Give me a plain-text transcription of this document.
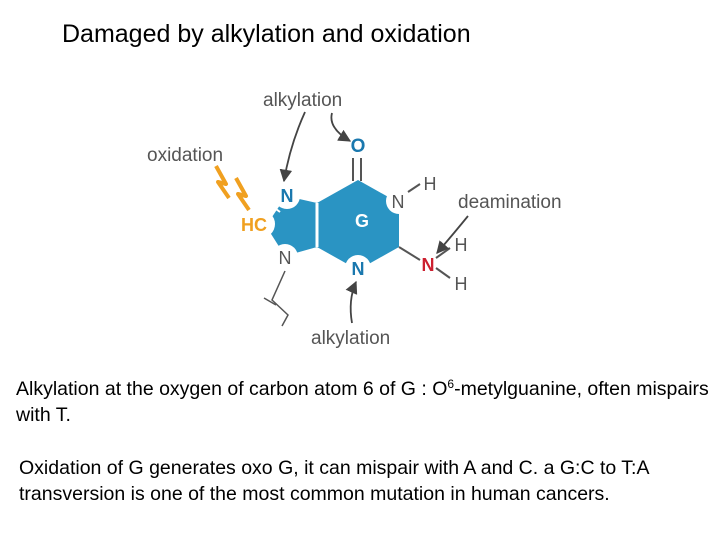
Damaged by alkylation and oxidation
alkylation
oxidation
deamination
alkylation
O
N
HC
N
N
H
G
N	N
H
H
Alkylation at the oxygen of carbon atom 6 of G : $O^6$-metylguanine, often mispairs with T.
Oxidation of G generates oxo G, it can mispair with A and C. a G:C to T:A transversion is one of the most common mutation in human cancers.
